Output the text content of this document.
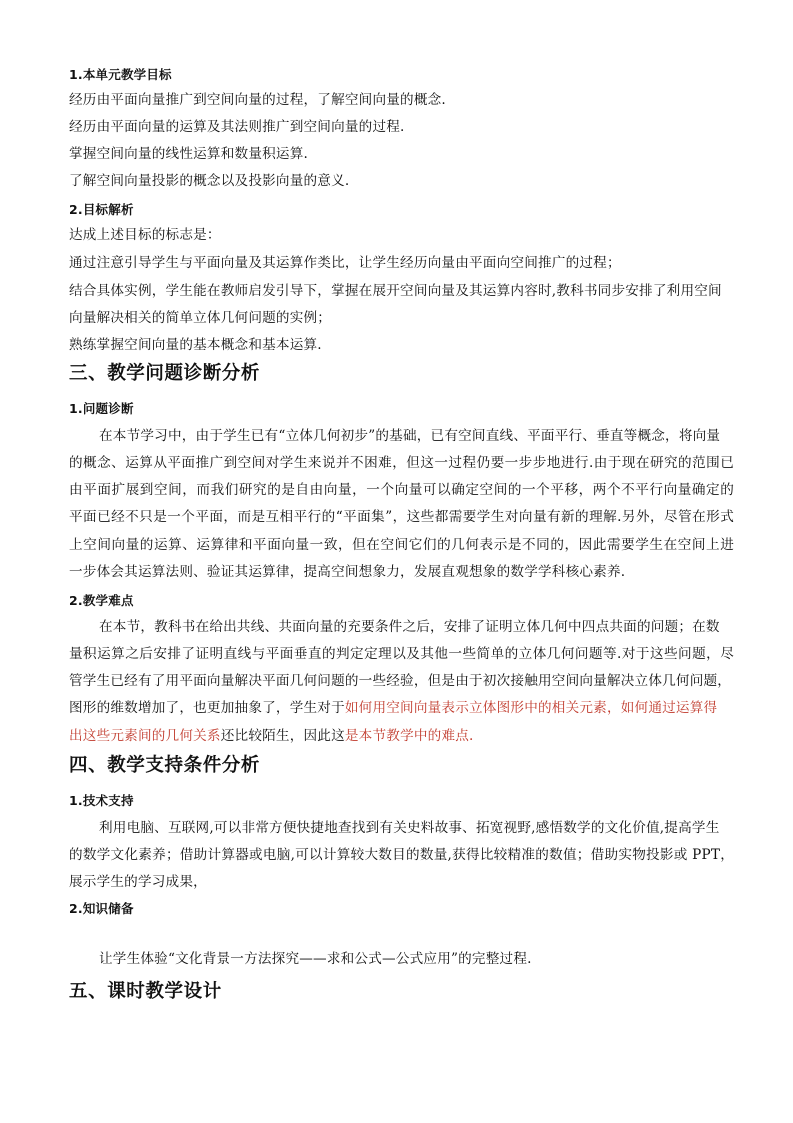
1.本单元教学目标
经历由平面向量推广到空间向量的过程，了解空间向量的概念.
经历由平面向量的运算及其法则推广到空间向量的过程.
掌握空间向量的线性运算和数量积运算.
了解空间向量投影的概念以及投影向量的意义.
2.目标解析
达成上述目标的标志是：
通过注意引导学生与平面向量及其运算作类比，让学生经历向量由平面向空间推广的过程；
结合具体实例，学生能在教师启发引导下，掌握在展开空间向量及其运算内容时,教科书同步安排了利用空间
向量解决相关的简单立体几何问题的实例；
熟练掌握空间向量的基本概念和基本运算.
三、教学问题诊断分析
1.问题诊断
在本节学习中，由于学生已有“立体几何初步”的基础，已有空间直线、平面平行、垂直等概念，将向量
的概念、运算从平面推广到空间对学生来说并不困难，但这一过程仍要一步步地进行.由于现在研究的范围已
由平面扩展到空间，而我们研究的是自由向量，一个向量可以确定空间的一个平移，两个不平行向量确定的
平面已经不只是一个平面，而是互相平行的“平面集”，这些都需要学生对向量有新的理解.另外，尽管在形式
上空间向量的运算、运算律和平面向量一致，但在空间它们的几何表示是不同的，因此需要学生在空间上进
一步体会其运算法则、验证其运算律，提高空间想象力，发展直观想象的数学学科核心素养.
2.教学难点
在本节，教科书在给出共线、共面向量的充要条件之后，安排了证明立体几何中四点共面的问题；在数
量积运算之后安排了证明直线与平面垂直的判定定理以及其他一些简单的立体几何问题等.对于这些问题，尽
管学生已经有了用平面向量解决平面几何问题的一些经验，但是由于初次接触用空间向量解决立体几何问题，
图形的维数增加了，也更加抽象了，学生对于如何用空间向量表示立体图形中的相关元素，如何通过运算得
出这些元素间的几何关系还比较陌生，因此这是本节教学中的难点.
四、教学支持条件分析
1.技术支持
利用电脑、互联网,可以非常方便快捷地查找到有关史料故事、拓宽视野,感悟数学的文化价值,提高学生
的数学文化素养；借助计算器或电脑,可以计算较大数目的数量,获得比较精准的数值；借助实物投影或 PPT，
展示学生的学习成果，
2.知识储备
让学生体验“文化背景一方法探究——求和公式—公式应用”的完整过程.
五、课时教学设计
